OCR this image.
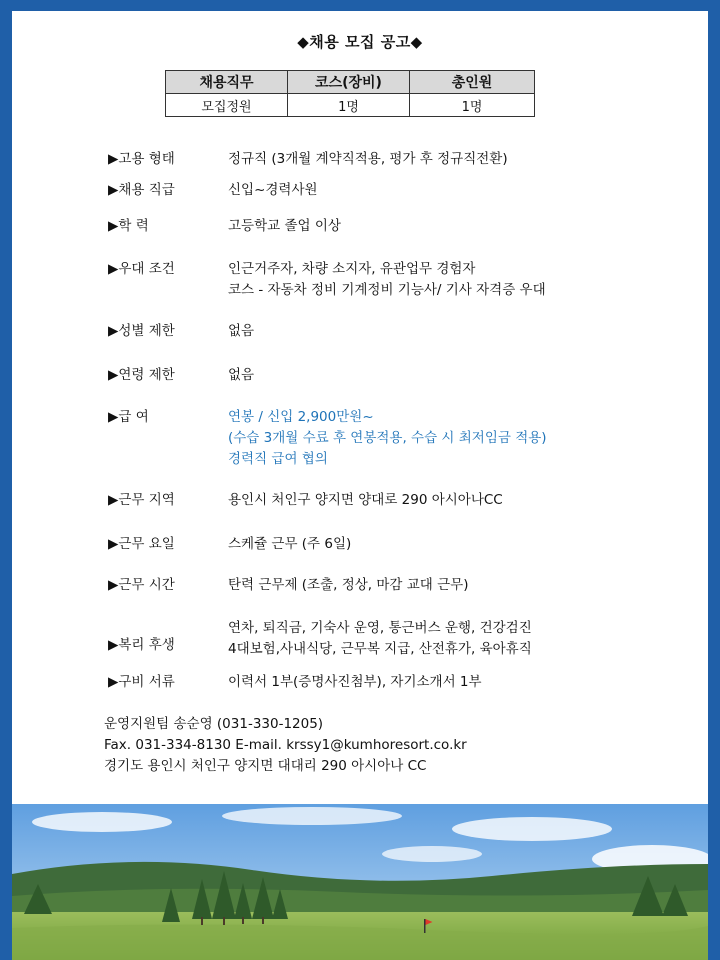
◆채용 모집 공고◆
채용직무	코스(장비)	총인원
모집정원	1명	1명
▶고용 형태	정규직 (3개월 계약직적용, 평가 후 정규직전환)
▶채용 직급	신입~경력사원
▶학 력	고등학교 졸업 이상
▶우대 조건	인근거주자, 차량 소지자, 유관업무 경험자
코스 - 자동차 정비 기계정비 기능사/ 기사 자격증 우대
▶성별 제한	없음
▶연령 제한	없음
▶급 여	연봉 / 신입 2,900만원~
(수습 3개월 수료 후 연봉적용, 수습 시 최저임금 적용)
경력직 급여 협의
▶근무 지역	용인시 처인구 양지면 양대로 290 아시아나CC
▶근무 요일	스케쥴 근무 (주 6일)
▶근무 시간	탄력 근무제 (조출, 정상, 마감 교대 근무)
▶복리 후생
연차, 퇴직금, 기숙사 운영, 통근버스 운행, 건강검진
4대보험,사내식당, 근무복 지급, 산전휴가, 육아휴직
▶구비 서류	이력서 1부(증명사진첨부), 자기소개서 1부
운영지원팀 송순영 (031-330-1205)
Fax. 031-334-8130 E-mail. krssy1@kumhoresort.co.kr
경기도 용인시 처인구 양지면 대대리 290 아시아나 CC
